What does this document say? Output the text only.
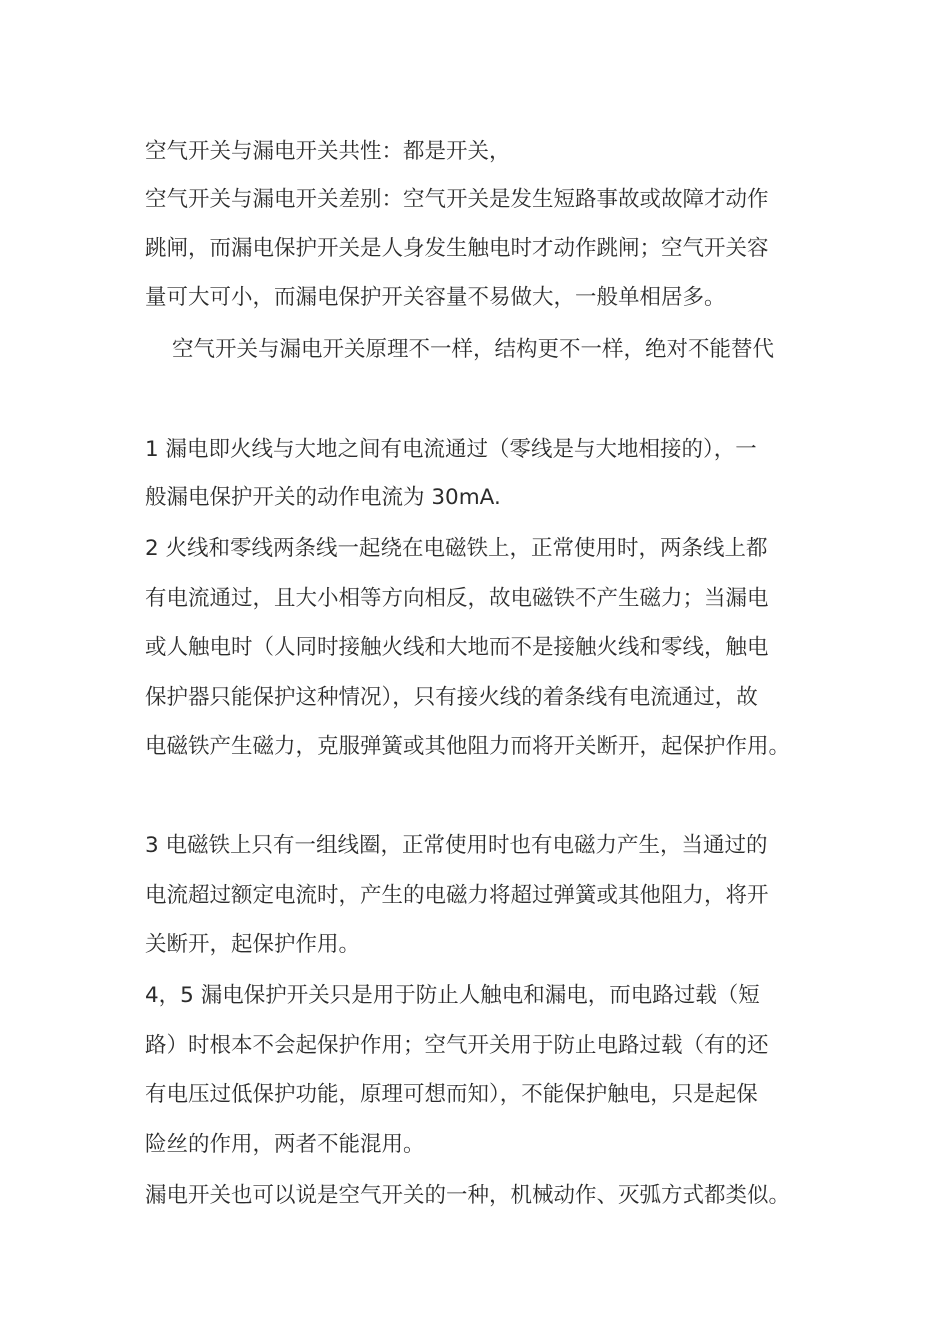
空气开关与漏电开关共性：都是开关，
空气开关与漏电开关差别：空气开关是发生短路事故或故障才动作
跳闸，而漏电保护开关是人身发生触电时才动作跳闸；空气开关容
量可大可小，而漏电保护开关容量不易做大，一般单相居多。
空气开关与漏电开关原理不一样，结构更不一样，绝对不能替代
1 漏电即火线与大地之间有电流通过（零线是与大地相接的），一
般漏电保护开关的动作电流为 30mA.
2 火线和零线两条线一起绕在电磁铁上，正常使用时，两条线上都
有电流通过，且大小相等方向相反，故电磁铁不产生磁力；当漏电
或人触电时（人同时接触火线和大地而不是接触火线和零线，触电
保护器只能保护这种情况），只有接火线的着条线有电流通过，故
电磁铁产生磁力，克服弹簧或其他阻力而将开关断开，起保护作用。
3 电磁铁上只有一组线圈，正常使用时也有电磁力产生，当通过的
电流超过额定电流时，产生的电磁力将超过弹簧或其他阻力，将开
关断开，起保护作用。
4，5 漏电保护开关只是用于防止人触电和漏电，而电路过载（短
路）时根本不会起保护作用；空气开关用于防止电路过载（有的还
有电压过低保护功能，原理可想而知），不能保护触电，只是起保
险丝的作用，两者不能混用。
漏电开关也可以说是空气开关的一种，机械动作、灭弧方式都类似。
